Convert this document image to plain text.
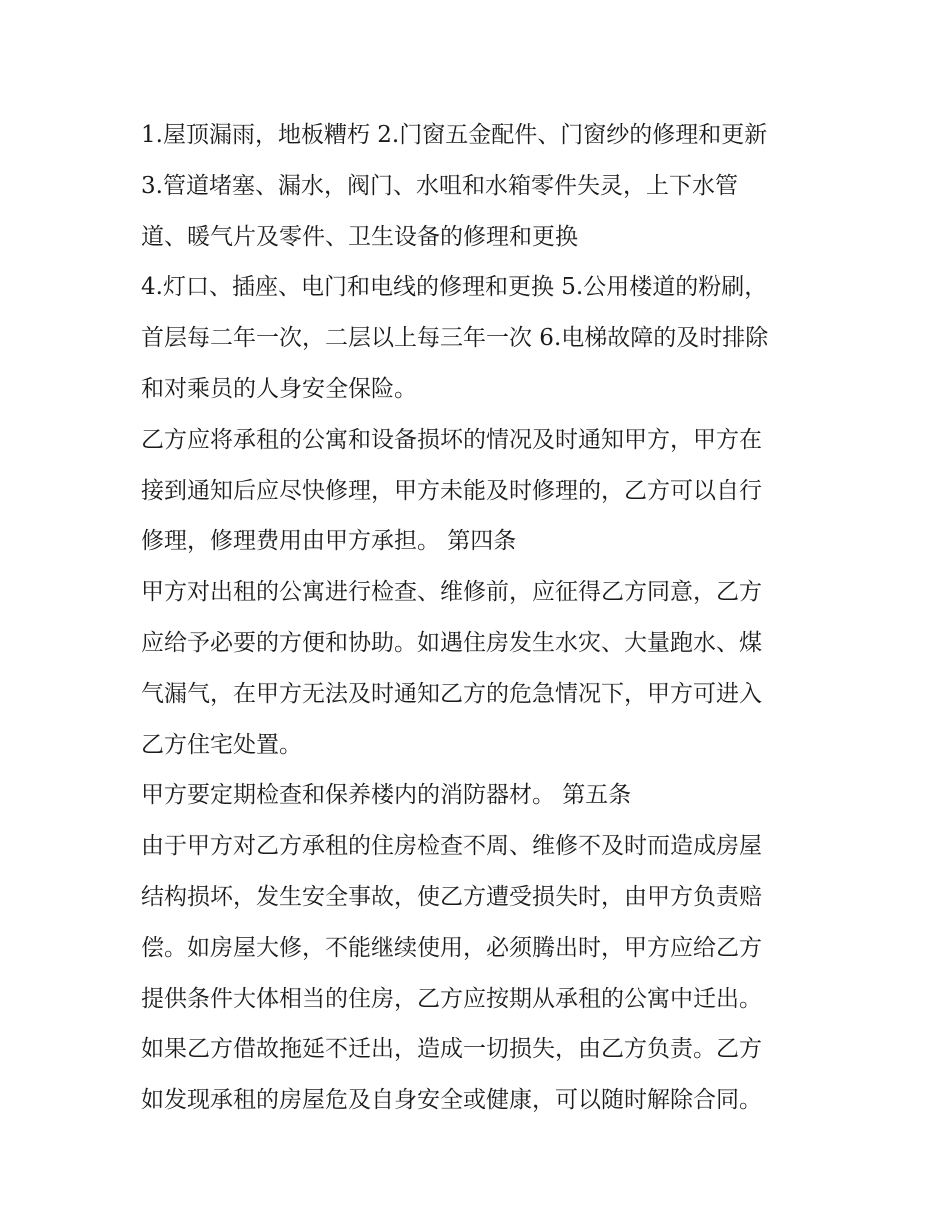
1.屋顶漏雨，地板糟朽 2.门窗五金配件、门窗纱的修理和更新

3.管道堵塞、漏水，阀门、水咀和水箱零件失灵，上下水管

道、暖气片及零件、卫生设备的修理和更换

4.灯口、插座、电门和电线的修理和更换 5.公用楼道的粉刷，

首层每二年一次，二层以上每三年一次 6.电梯故障的及时排除

和对乘员的人身安全保险。

乙方应将承租的公寓和设备损坏的情况及时通知甲方，甲方在

接到通知后应尽快修理，甲方未能及时修理的，乙方可以自行

修理，修理费用由甲方承担。 第四条

甲方对出租的公寓进行检查、维修前，应征得乙方同意，乙方

应给予必要的方便和协助。如遇住房发生水灾、大量跑水、煤

气漏气，在甲方无法及时通知乙方的危急情况下，甲方可进入

乙方住宅处置。

甲方要定期检查和保养楼内的消防器材。 第五条

由于甲方对乙方承租的住房检查不周、维修不及时而造成房屋

结构损坏，发生安全事故，使乙方遭受损失时，由甲方负责赔

偿。如房屋大修，不能继续使用，必须腾出时，甲方应给乙方

提供条件大体相当的住房，乙方应按期从承租的公寓中迁出。

如果乙方借故拖延不迁出，造成一切损失，由乙方负责。乙方

如发现承租的房屋危及自身安全或健康，可以随时解除合同。
